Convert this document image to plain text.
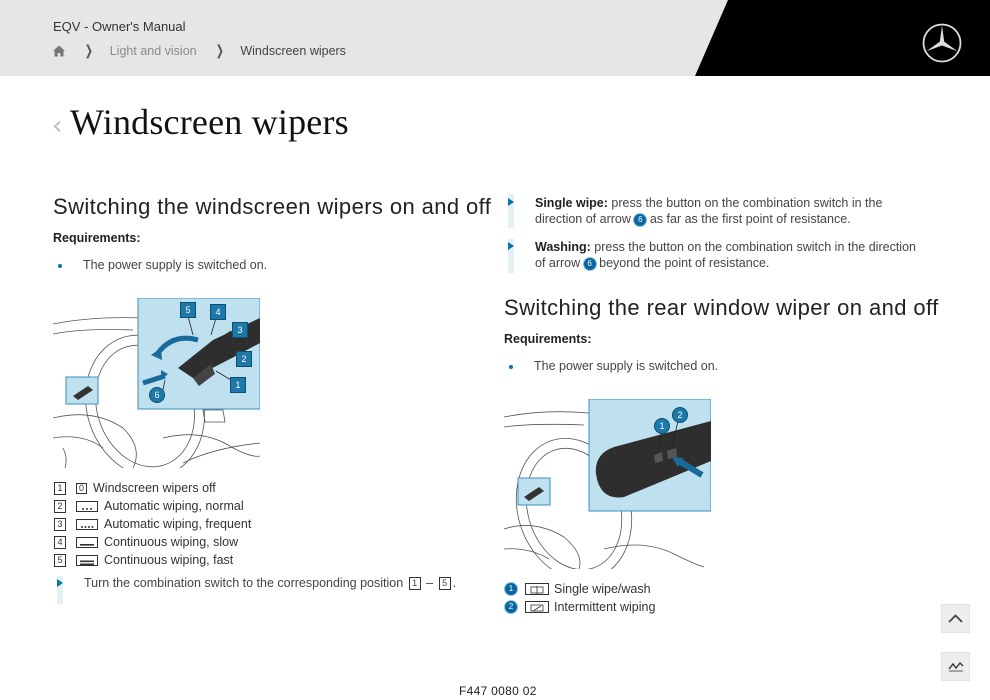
EQV - Owner's Manual
❯ Light and vision ❯ Windscreen wipers
‹ Windscreen wipers
Switching the windscreen wipers on and off
Requirements:
The power supply is switched on.
5	4
3
2
1
6
1	0 Windscreen wipers off
2	Automatic wiping, normal
3	Automatic wiping, frequent
4	Continuous wiping, slow
5	Continuous wiping, fast
Turn the combination switch to the corresponding position 1 – 5 .
Single wipe: press the button on the combination switch in the direction of arrow 6 as far as the first point of resistance.
Washing: press the button on the combination switch in the direction of arrow 6 beyond the point of resistance.
Switching the rear window wiper on and off
Requirements:
The power supply is switched on.
1
2
1	Single wipe/wash
2	Intermittent wiping
F447 0080 02
